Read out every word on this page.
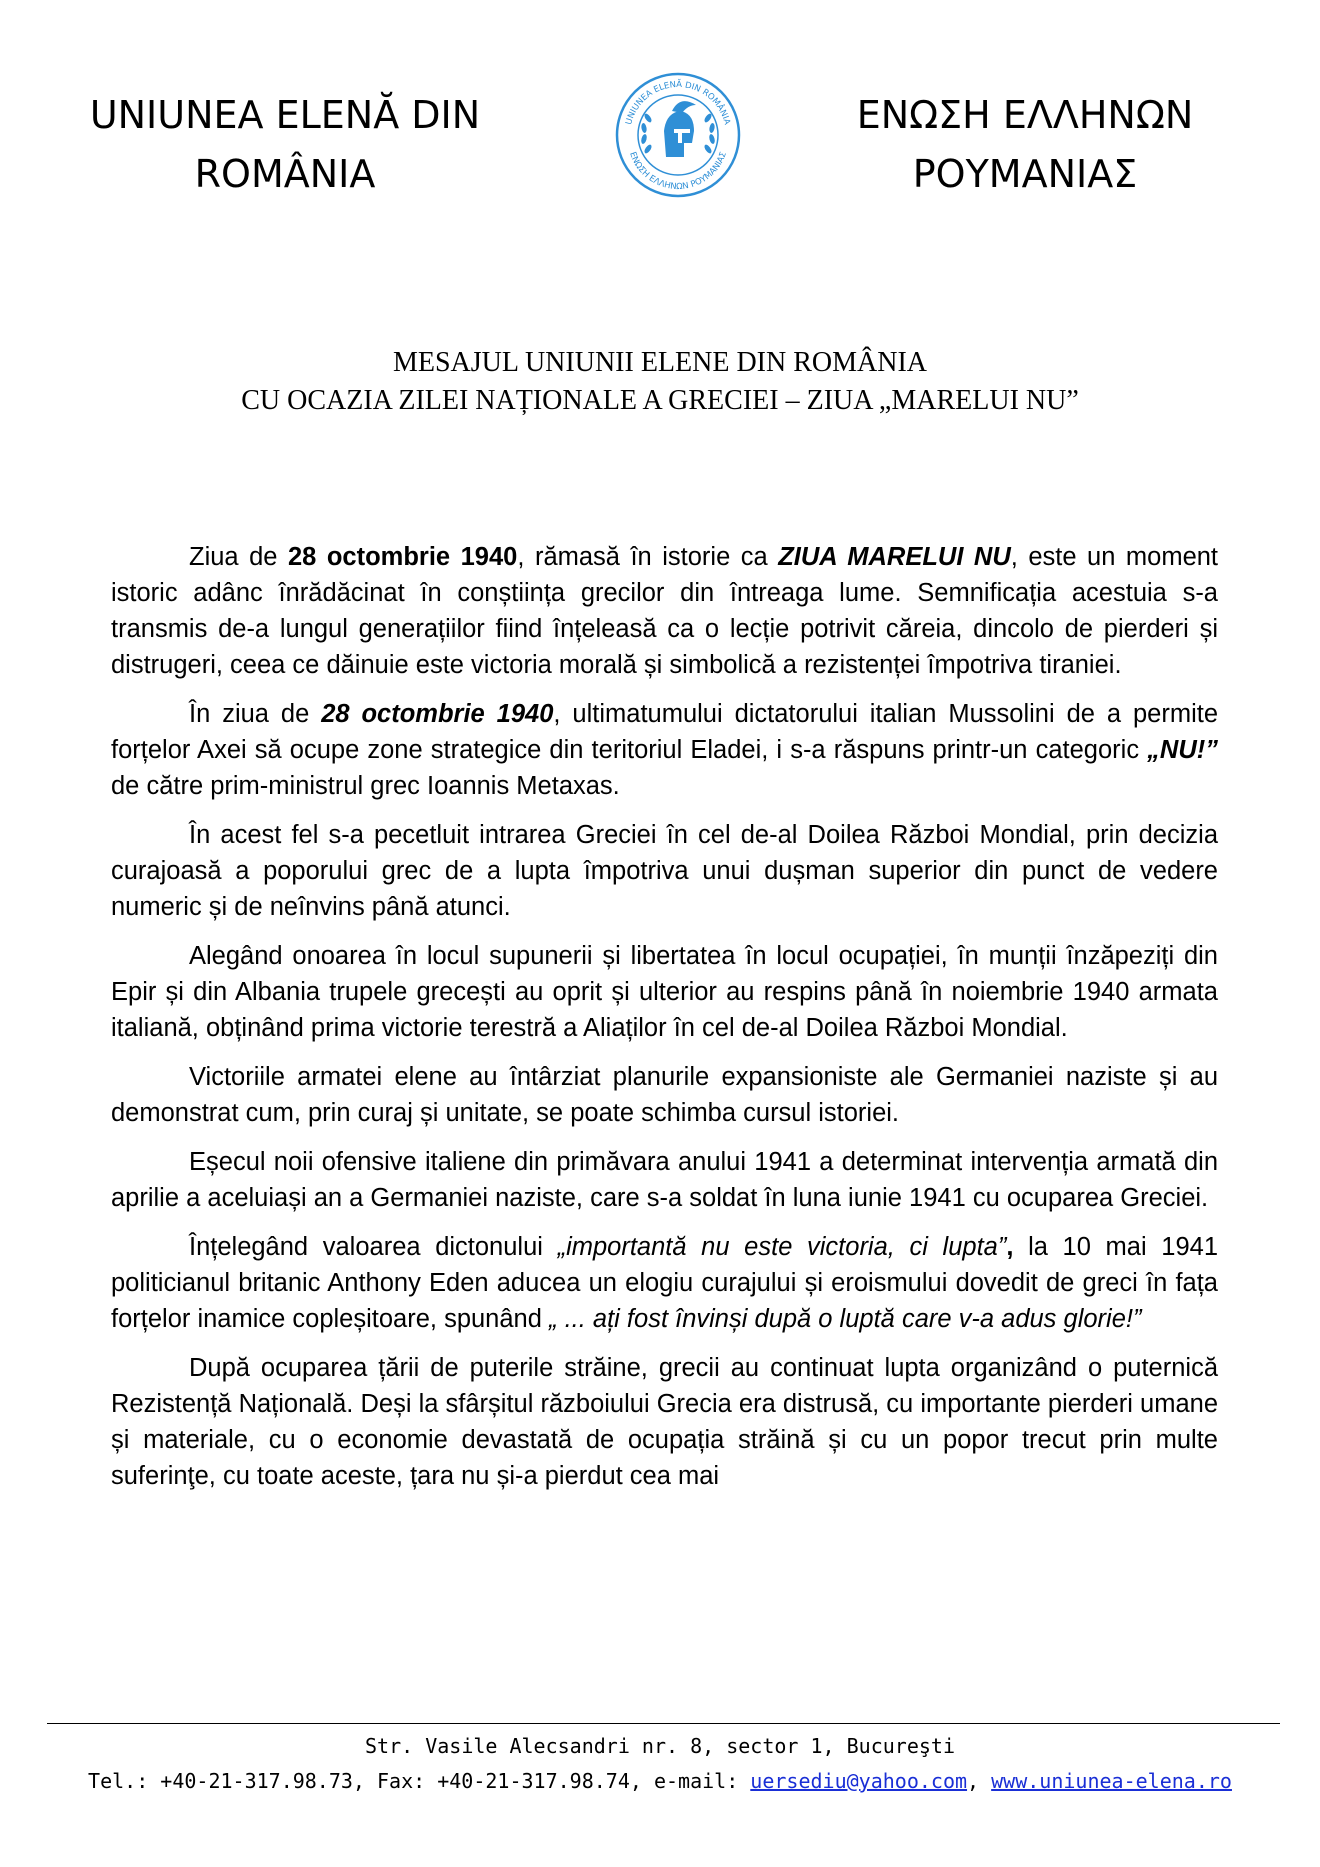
UNIUNEA ELENĂ DIN
ROMÂNIA
UNIUNEA ELENĂ DIN ROMÂNIA
ΕΝΩΣΗ ΕΛΛΗΝΩΝ ΡΟΥΜΑΝΙΑΣ
ΕΝΩΣΗ ΕΛΛΗΝΩΝ
ΡΟΥΜΑΝΙΑΣ
MESAJUL UNIUNII ELENE DIN ROMÂNIA
CU OCAZIA ZILEI NAȚIONALE A GRECIEI – ZIUA „MARELUI NU”

Ziua de 28 octombrie 1940, rămasă în istorie ca ZIUA MARELUI NU, este un moment istoric adânc înrădăcinat în conștiința grecilor din întreaga lume. Semnificația acestuia s-a transmis de-a lungul generațiilor fiind înțeleasă ca o lecție potrivit căreia, dincolo de pierderi și distrugeri, ceea ce dăinuie este victoria morală și simbolică a rezistenței împotriva tiraniei.

În ziua de 28 octombrie 1940, ultimatumului dictatorului italian Mussolini de a permite forțelor Axei să ocupe zone strategice din teritoriul Eladei, i s-a răspuns printr-un categoric „NU!” de către prim-ministrul grec Ioannis Metaxas.

În acest fel s-a pecetluit intrarea Greciei în cel de-al Doilea Război Mondial, prin decizia curajoasă a poporului grec de a lupta împotriva unui dușman superior din punct de vedere numeric și de neînvins până atunci.

Alegând onoarea în locul supunerii și libertatea în locul ocupației, în munții înzăpeziți din Epir și din Albania trupele grecești au oprit și ulterior au respins până în noiembrie 1940 armata italiană, obținând prima victorie terestră a Aliaților în cel de-al Doilea Război Mondial.

Victoriile armatei elene au întârziat planurile expansioniste ale Germaniei naziste și au demonstrat cum, prin curaj și unitate, se poate schimba cursul istoriei.

Eșecul noii ofensive italiene din primăvara anului 1941 a determinat intervenția armată din aprilie a aceluiași an a Germaniei naziste, care s-a soldat în luna iunie 1941 cu ocuparea Greciei.

Înțelegând valoarea dictonului „importantă nu este victoria, ci lupta”, la 10 mai 1941 politicianul britanic Anthony Eden aducea un elogiu curajului și eroismului dovedit de greci în fața forțelor inamice copleșitoare, spunând „ ... ați fost învinși după o luptă care v-a adus glorie!”

După ocuparea țării de puterile străine, grecii au continuat lupta organizând o puternică Rezistență Națională. Deși la sfârșitul războiului Grecia era distrusă, cu importante pierderi umane și materiale, cu o economie devastată de ocupația străină și cu un popor trecut prin multe suferinţe, cu toate aceste, țara nu și-a pierdut cea mai

Str. Vasile Alecsandri nr. 8, sector 1, Bucureşti
Tel.: +40-21-317.98.73, Fax: +40-21-317.98.74, e-mail: uersediu@yahoo.com, www.uniunea-elena.ro
